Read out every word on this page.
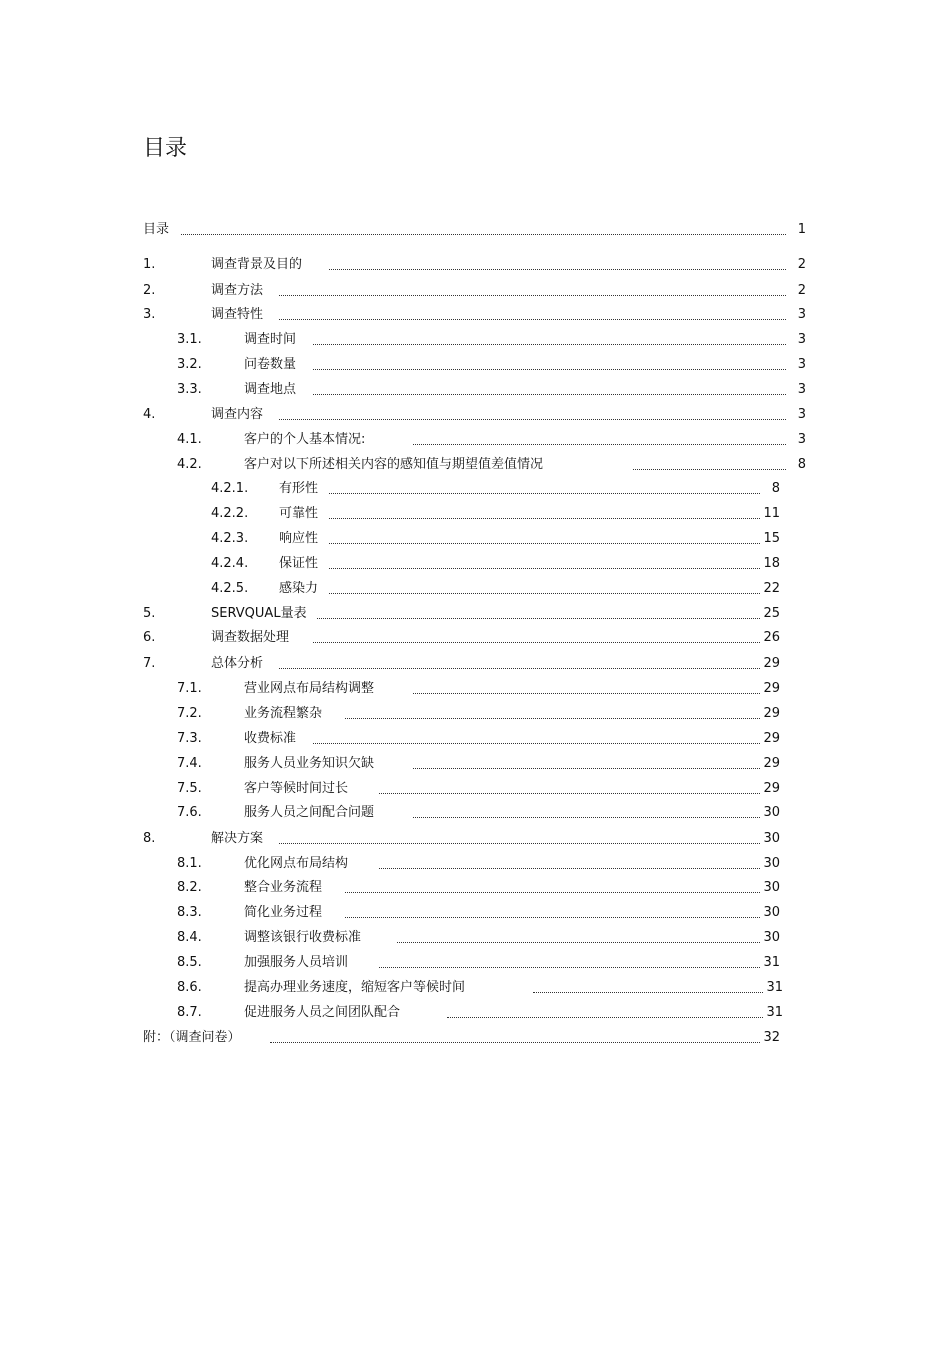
目录
目录	1
1.	调查背景及目的	2
2.	调查方法	2
3.	调查特性	3
3.1.	调查时间	3
3.2.	问卷数量	3
3.3.	调查地点	3
4.	调查内容	3
4.1.	客户的个人基本情况:	3
4.2.	客户对以下所述相关内容的感知值与期望值差值情况	8
4.2.1. 有形性	8
4.2.2. 可靠性	11
4.2.3. 响应性	15
4.2.4. 保证性	18
4.2.5. 感染力	22
5.	SERVQUAL量表	25
6.	调查数据处理	26
7.	总体分析	29
7.1.	营业网点布局结构调整	29
7.2.	业务流程繁杂	29
7.3.	收费标准	29
7.4.	服务人员业务知识欠缺	29
7.5.	客户等候时间过长	29
7.6.	服务人员之间配合问题	30
8.	解决方案	30
8.1.	优化网点布局结构	30
8.2.	整合业务流程	30
8.3.	简化业务过程	30
8.4.	调整该银行收费标准	30
8.5.	加强服务人员培训	31
8.6.	提高办理业务速度，缩短客户等候时间	31
8.7.	促进服务人员之间团队配合	31
附：（调查问卷）	32
